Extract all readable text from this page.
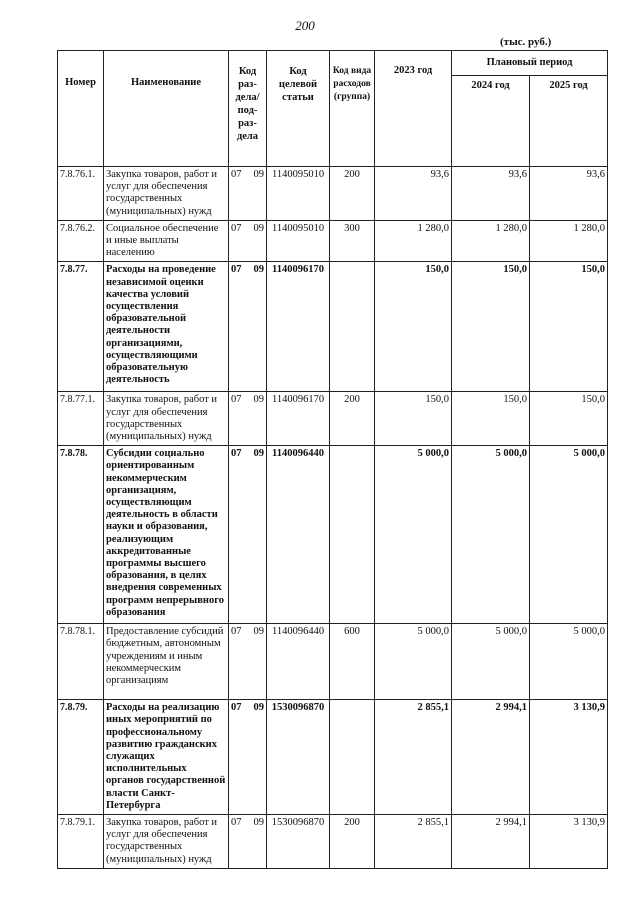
200
(тыс. руб.)
Номер	Наименование	Код раз-дела/ под-раз-дела		Код целевой статьи	Код вида расходов (группа)	2023 год	Плановый период	
							2024 год	2025 год
7.8.76.1.	Закупка товаров, работ и услуг для обеспечения государственных (муниципальных) нужд	07	09	1140095010	200	93,6	93,6	93,6
7.8.76.2.	Социальное обеспечение и иные выплаты населению	07	09	1140095010	300	1 280,0	1 280,0	1 280,0
7.8.77.	Расходы на проведение независимой оценки качества условий осуществления образовательной деятельности организациями, осуществляющими образовательную деятельность	07	09	1140096170		150,0	150,0	150,0
7.8.77.1.	Закупка товаров, работ и услуг для обеспечения государственных (муниципальных) нужд	07	09	1140096170	200	150,0	150,0	150,0
7.8.78.	Субсидии социально ориентированным некоммерческим организациям, осуществляющим деятельность в области науки и образования, реализующим аккредитованные программы высшего образования, в целях внедрения современных программ непрерывного образования	07	09	1140096440		5 000,0	5 000,0	5 000,0
7.8.78.1.	Предоставление субсидий бюджетным, автономным учреждениям и иным некоммерческим организациям	07	09	1140096440	600	5 000,0	5 000,0	5 000,0
7.8.79.	Расходы на реализацию иных мероприятий по профессиональному развитию гражданских служащих исполнительных органов государственной власти Санкт-Петербурга	07	09	1530096870		2 855,1	2 994,1	3 130,9
7.8.79.1.	Закупка товаров, работ и услуг для обеспечения государственных (муниципальных) нужд	07	09	1530096870	200	2 855,1	2 994,1	3 130,9
